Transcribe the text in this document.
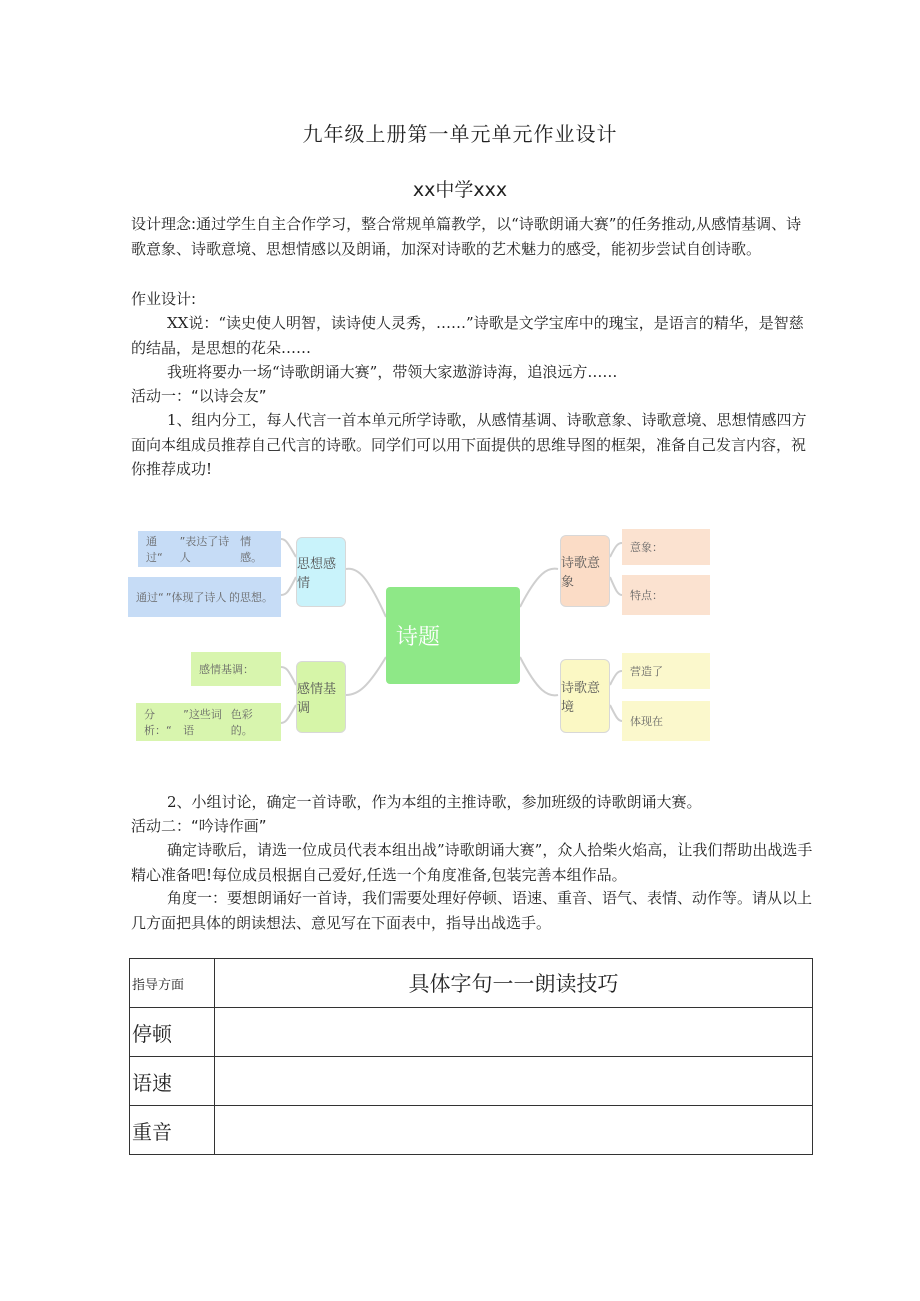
九年级上册第一单元单元作业设计
xx中学xxx
设计理念:通过学生自主合作学习，整合常规单篇教学，以“诗歌朗诵大赛”的任务推动,从感情基调、诗歌意象、诗歌意境、思想情感以及朗诵，加深对诗歌的艺术魅力的感受，能初步尝试自创诗歌。
作业设计:
XX说：“读史使人明智，读诗使人灵秀，……”诗歌是文学宝库中的瑰宝，是语言的精华，是智慈的结晶，是思想的花朵……
我班将要办一场“诗歌朗诵大赛”，带领大家遨游诗海，追浪远方……
活动一：“以诗会友”
1、组内分工，每人代言一首本单元所学诗歌，从感情基调、诗歌意象、诗歌意境、思想情感四方面向本组成员推荐自己代言的诗歌。同学们可以用下面提供的思维导图的框架，准备自己发言内容，祝你推荐成功!
诗题
思想感情
诗歌意象
感情基调
诗歌意境
通过“
”表达了诗人
情感。
通过“ ”体现了诗人 的思想。
意象：
特点：
感情基调：
分析：“
”这些词语
色彩的。
营造了
体现在
2、小组讨论，确定一首诗歌，作为本组的主推诗歌，参加班级的诗歌朗诵大赛。
活动二：“吟诗作画”
确定诗歌后，请选一位成员代表本组出战”诗歌朗诵大赛”，众人拾柴火焰高，让我们帮助出战选手精心准备吧!每位成员根据自己爱好,任选一个角度准备,包装完善本组作品。
角度一：要想朗诵好一首诗，我们需要处理好停顿、语速、重音、语气、表情、动作等。请从以上几方面把具体的朗读想法、意见写在下面表中，指导出战选手。
指导方面	具体字句一一朗读技巧
停顿	
语速	
重音	
